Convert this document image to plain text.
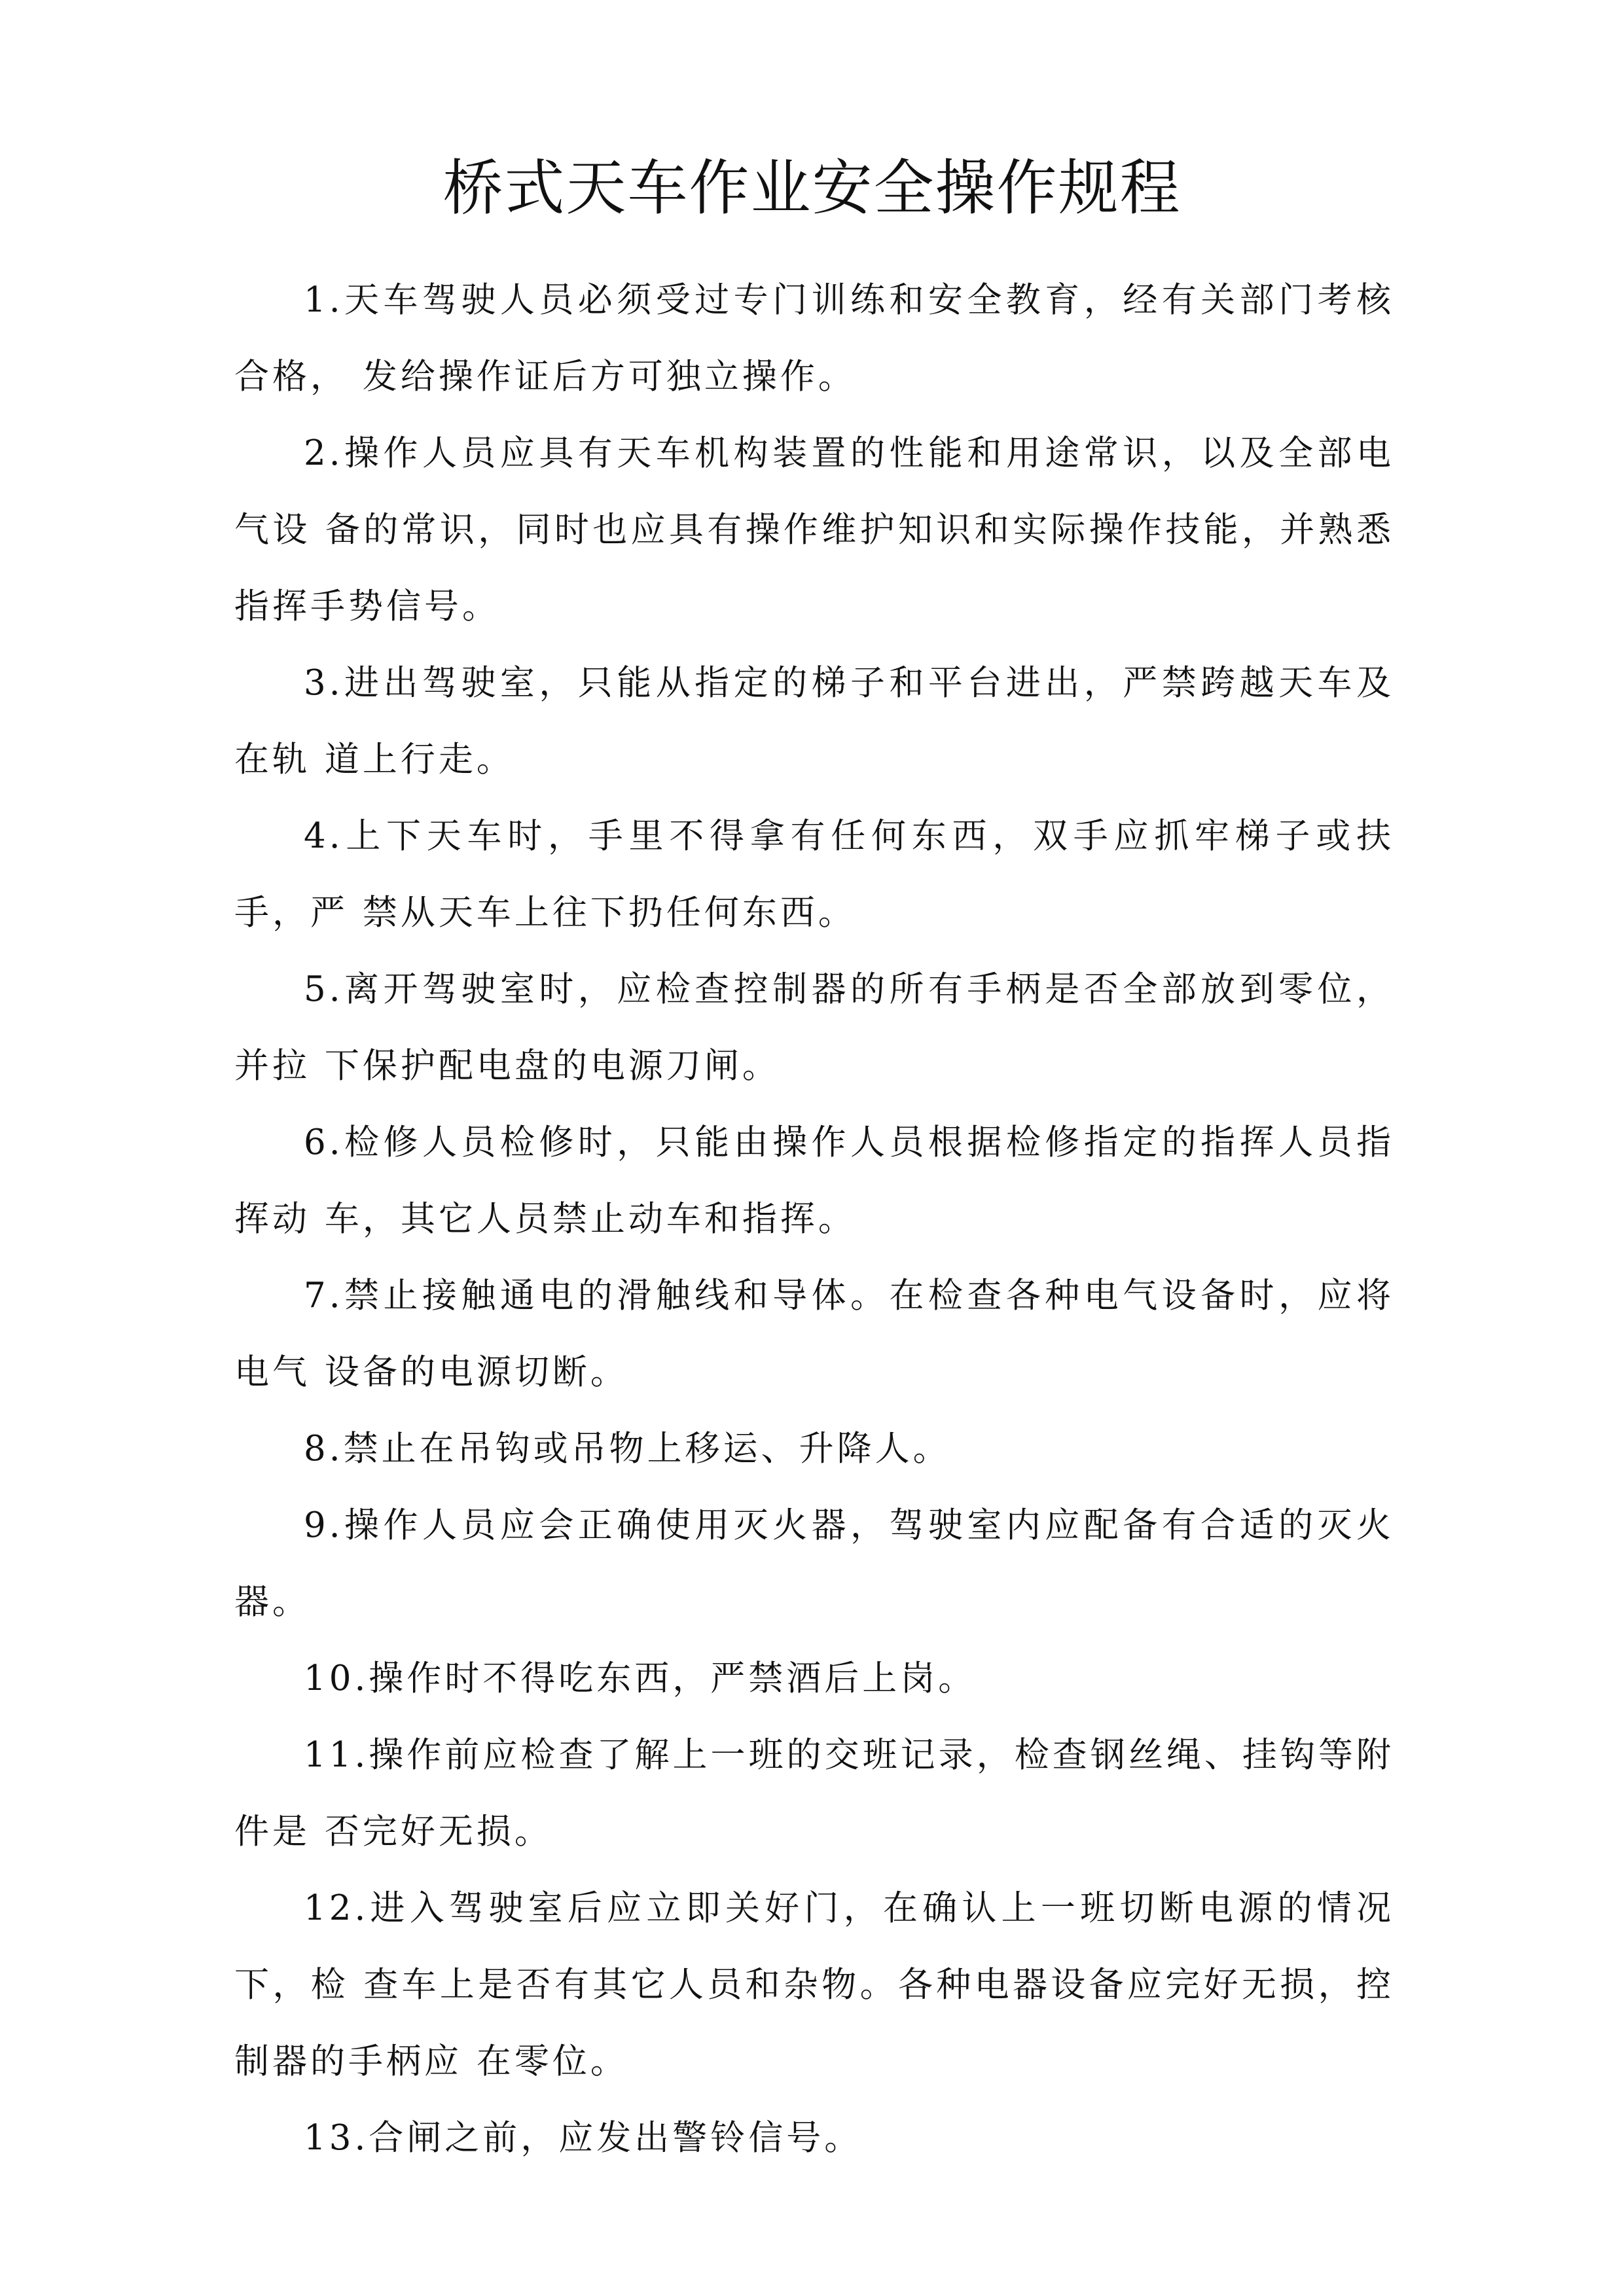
桥式天车作业安全操作规程

1.天车驾驶人员必须受过专门训练和安全教育，经有关部门考核合格， 发给操作证后方可独立操作。

2.操作人员应具有天车机构装置的性能和用途常识，以及全部电气设 备的常识，同时也应具有操作维护知识和实际操作技能，并熟悉指挥手势信号。

3.进出驾驶室，只能从指定的梯子和平台进出，严禁跨越天车及在轨 道上行走。

4.上下天车时，手里不得拿有任何东西，双手应抓牢梯子或扶手，严 禁从天车上往下扔任何东西。

5.离开驾驶室时，应检查控制器的所有手柄是否全部放到零位，并拉 下保护配电盘的电源刀闸。

6.检修人员检修时，只能由操作人员根据检修指定的指挥人员指挥动 车，其它人员禁止动车和指挥。

7.禁止接触通电的滑触线和导体。在检查各种电气设备时，应将电气 设备的电源切断。

8.禁止在吊钩或吊物上移运、升降人。

9.操作人员应会正确使用灭火器，驾驶室内应配备有合适的灭火器。

10.操作时不得吃东西，严禁酒后上岗。

11.操作前应检查了解上一班的交班记录，检查钢丝绳、挂钩等附件是 否完好无损。

12.进入驾驶室后应立即关好门，在确认上一班切断电源的情况下，检 查车上是否有其它人员和杂物。各种电器设备应完好无损，控制器的手柄应 在零位。

13.合闸之前，应发出警铃信号。
